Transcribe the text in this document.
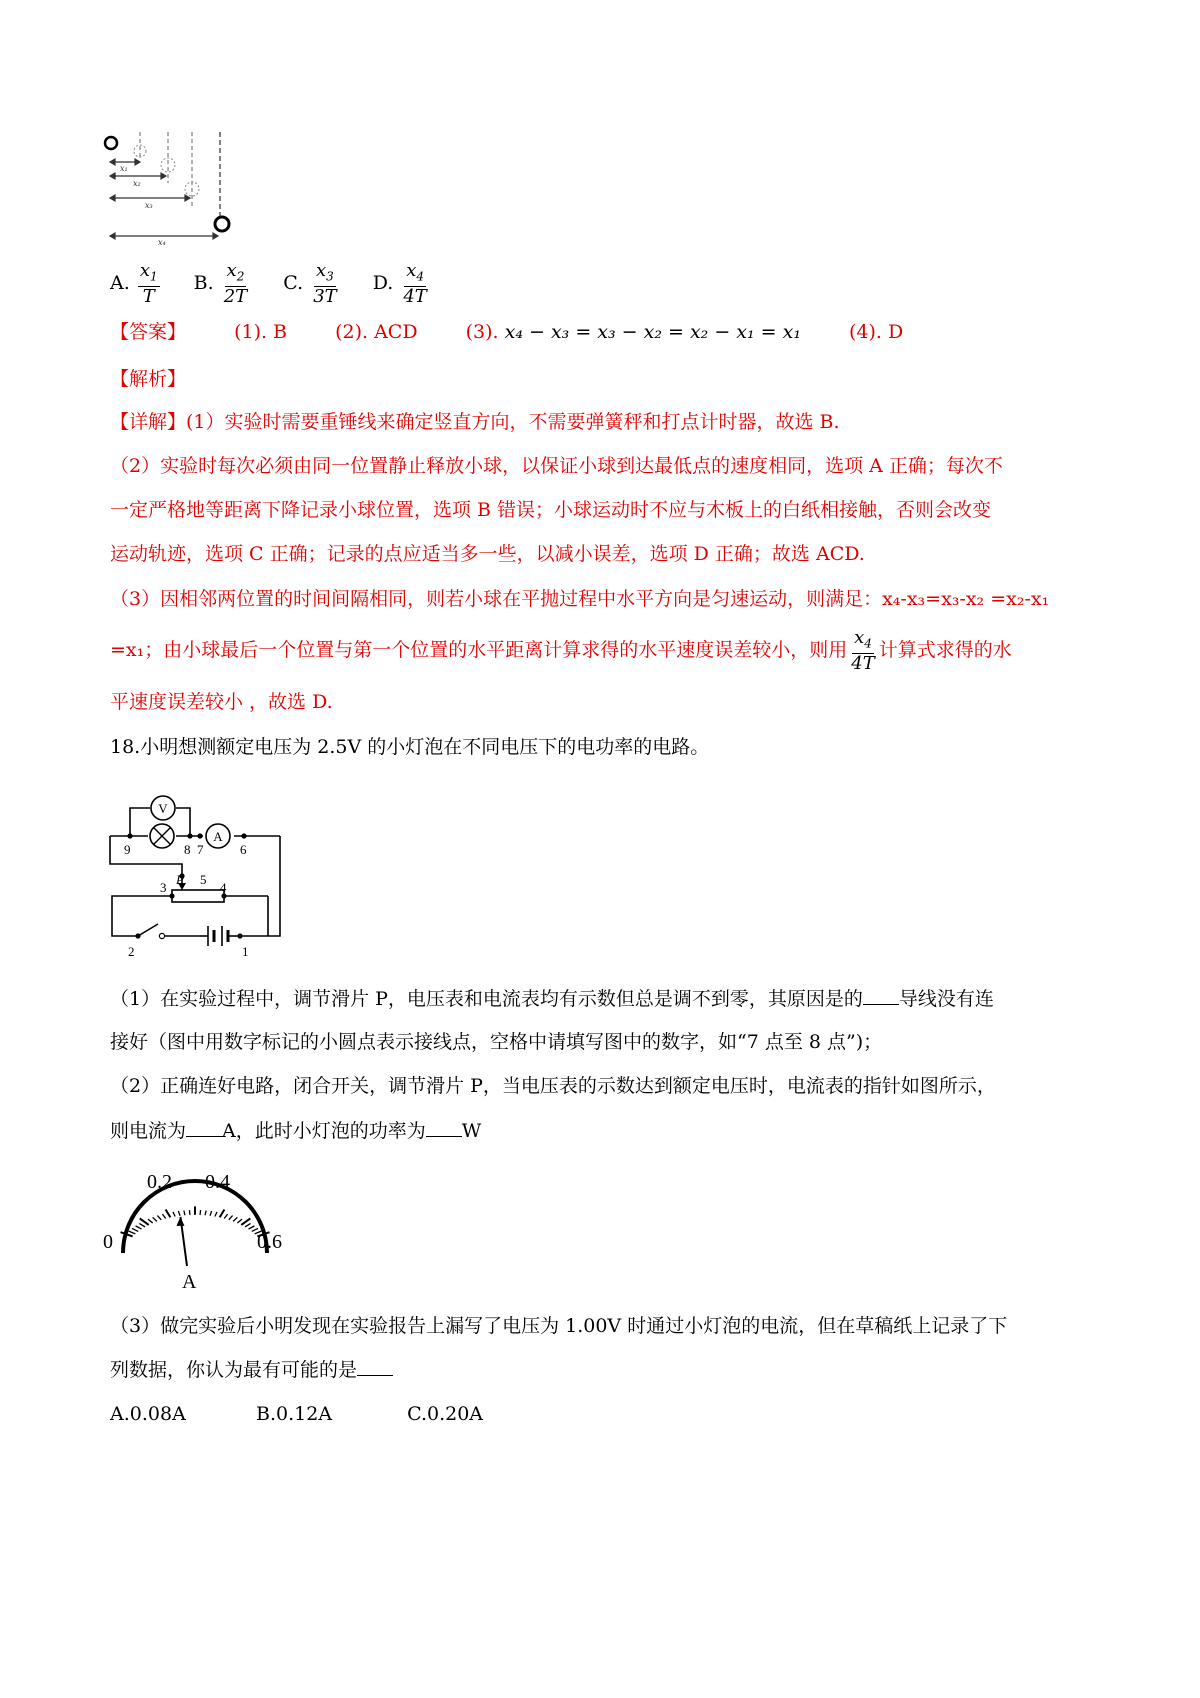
x₁
x₂
x₃
x₄
A. $\frac{x_1}{T} B$. $\frac{x_2}{2T} C$. $\frac{x_3}{3T} D$. $\frac{x_4}{4T}$
【答案】	(1). B	(2). ACD	(3). x₄ − x₃ = x₃ − x₂ = x₂ − x₁ = x₁	(4). D
【解析】
【详解】(1）实验时需要重锤线来确定竖直方向，不需要弹簧秤和打点计时器，故选 B.
（2）实验时每次必须由同一位置静止释放小球，以保证小球到达最低点的速度相同，选项 A 正确；每次不
一定严格地等距离下降记录小球位置，选项 B 错误；小球运动时不应与木板上的白纸相接触，否则会改变
运动轨迹，选项 C 正确；记录的点应适当多一些，以减小误差，选项 D 正确；故选 ACD.
（3）因相邻两位置的时间间隔相同，则若小球在平抛过程中水平方向是匀速运动，则满足：x₄-x₃=x₃-x₂ =x₂-x₁
=x₁；由小球最后一个位置与第一个位置的水平距离计算求得的水平速度误差较小，则用 $\frac{x_4}{4T}$ 计算式求得的水
平速度误差较小 ，故选 D.
18.小明想测额定电压为 2.5V 的小灯泡在不同电压下的电功率的电路。
V
A
9	8 7	6
3
P 5
4
2	1
（1）在实验过程中，调节滑片 P，电压表和电流表均有示数但总是调不到零，其原因是的 导线没有连
接好（图中用数字标记的小圆点表示接线点，空格中请填写图中的数字，如“7 点至 8 点”)；
（2）正确连好电路，闭合开关，调节滑片 P，当电压表的示数达到额定电压时，电流表的指针如图所示，
则电流为 A，此时小灯泡的功率为 W
0
0.2 0.4
0.6
A
（3）做完实验后小明发现在实验报告上漏写了电压为 1.00V 时通过小灯泡的电流，但在草稿纸上记录了下
列数据，你认为最有可能的是
A.0.08A	B.0.12A	C.0.20A
